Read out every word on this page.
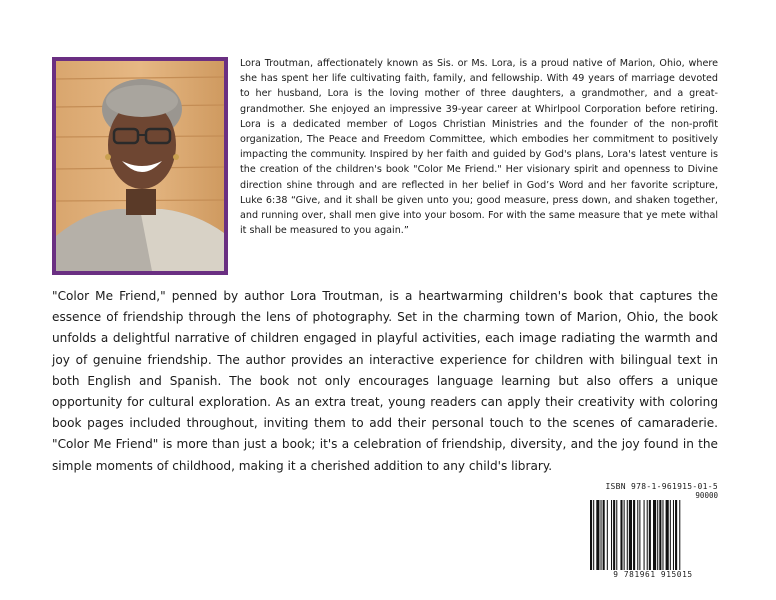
Lora Troutman, affectionately known as Sis. or Ms. Lora, is a proud native of Marion, Ohio, where she has spent her life cultivating faith, family, and fellowship. With 49 years of marriage devoted to her husband, Lora is the loving mother of three daughters, a grandmother, and a great-grandmother. She enjoyed an impressive 39-year career at Whirlpool Corporation before retiring. Lora is a dedicated member of Logos Christian Ministries and the founder of the non-profit organization, The Peace and Freedom Committee, which embodies her commitment to positively impacting the community. Inspired by her faith and guided by God's plans, Lora's latest venture is the creation of the children's book "Color Me Friend." Her visionary spirit and openness to Divine direction shine through and are reflected in her belief in God’s Word and her favorite scripture, Luke 6:38 “Give, and it shall be given unto you; good measure, press down, and shaken together, and running over, shall men give into your bosom. For with the same measure that ye mete withal it shall be measured to you again.”

"Color Me Friend," penned by author Lora Troutman, is a heartwarming children's book that captures the essence of friendship through the lens of photography. Set in the charming town of Marion, Ohio, the book unfolds a delightful narrative of children engaged in playful activities, each image radiating the warmth and joy of genuine friendship. The author provides an interactive experience for children with bilingual text in both English and Spanish. The book not only encourages language learning but also offers a unique opportunity for cultural exploration. As an extra treat, young readers can apply their creativity with coloring book pages included throughout, inviting them to add their personal touch to the scenes of camaraderie. "Color Me Friend" is more than just a book; it's a celebration of friendship, diversity, and the joy found in the simple moments of childhood, making it a cherished addition to any child's library.

ISBN 978-1-961915-01-5
90000
9 781961 915015
